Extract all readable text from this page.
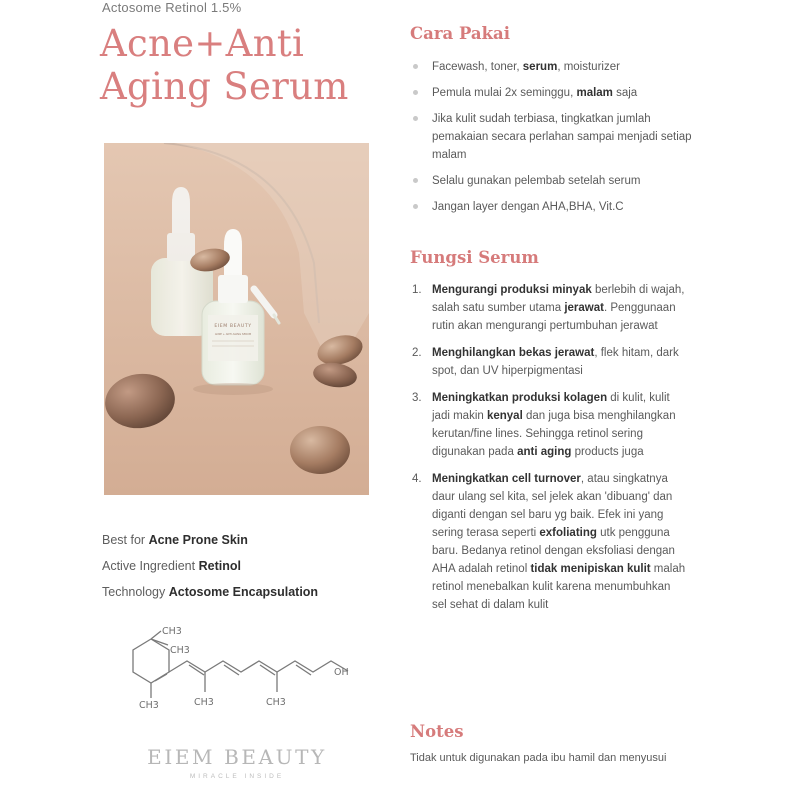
Actosome Retinol 1.5%
Acne+Anti
Aging Serum
EIEM BEAUTY
ACNE + ANTI AGING SERUM
Best for Acne Prone Skin
Active Ingredient Retinol
Technology Actosome Encapsulation
CH3
CH3
CH3	CH3	CH3
OH
EIEM BEAUTY
MIRACLE INSIDE
Cara Pakai
Facewash, toner, serum, moisturizer
Pemula mulai 2x seminggu, malam saja
Jika kulit sudah terbiasa, tingkatkan jumlah pemakaian secara perlahan sampai menjadi setiap malam
Selalu gunakan pelembab setelah serum
Jangan layer dengan AHA,BHA, Vit.C
Fungsi Serum
1. Mengurangi produksi minyak berlebih di wajah, salah satu sumber utama jerawat. Penggunaan rutin akan mengurangi pertumbuhan jerawat
2. Menghilangkan bekas jerawat, flek hitam, dark spot, dan UV hiperpigmentasi
3. Meningkatkan produksi kolagen di kulit, kulit jadi makin kenyal dan juga bisa menghilangkan kerutan/fine lines. Sehingga retinol sering digunakan pada anti aging products juga
4. Meningkatkan cell turnover, atau singkatnya daur ulang sel kita, sel jelek akan 'dibuang' dan diganti dengan sel baru yg baik. Efek ini yang sering terasa seperti exfoliating utk pengguna baru. Bedanya retinol dengan eksfoliasi dengan AHA adalah retinol tidak menipiskan kulit malah retinol menebalkan kulit karena menumbuhkan sel sehat di dalam kulit
Notes
Tidak untuk digunakan pada ibu hamil dan menyusui
